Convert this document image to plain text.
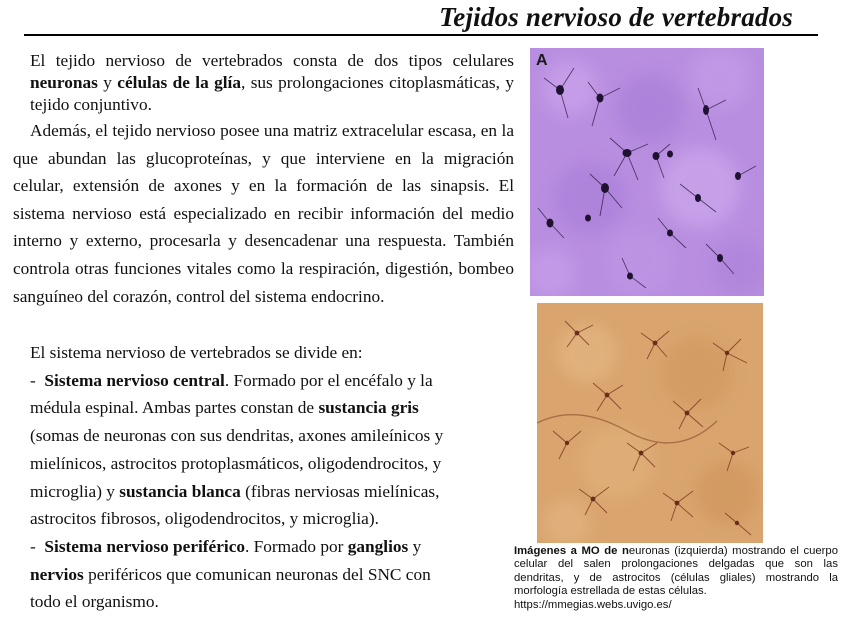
Tejidos nervioso de vertebrados
El tejido nervioso de vertebrados consta de dos tipos celulares neuronas y células de la glía, sus prolongaciones citoplasmáticas, y tejido conjuntivo.
Además, el tejido nervioso posee una matriz extracelular escasa, en la que abundan las glucoproteínas, y que interviene en la migración celular, extensión de axones y en la formación de las sinapsis. El sistema nervioso está especializado en recibir información del medio interno y externo, procesarla y desencadenar una respuesta. También controla otras funciones vitales como la respiración, digestión, bombeo sanguíneo del corazón, control del sistema endocrino.
El sistema nervioso de vertebrados se divide en:
- Sistema nervioso central. Formado por el encéfalo y la
médula espinal. Ambas partes constan de sustancia gris
(somas de neuronas con sus dendritas, axones amileínicos y
mielínicos, astrocitos protoplasmáticos, oligodendrocitos, y
microglia) y sustancia blanca (fibras nerviosas mielínicas,
astrocitos fibrosos, oligodendrocitos, y microglia).
- Sistema nervioso periférico. Formado por ganglios y
nervios periféricos que comunican neuronas del SNC con
todo el organismo.
A
Imágenes a MO de neuronas (izquierda) mostrando el cuerpo celular del salen prolongaciones delgadas que son las dendritas, y de astrocitos (células gliales) mostrando la morfología estrellada de estas células.
https://mmegias.webs.uvigo.es/
